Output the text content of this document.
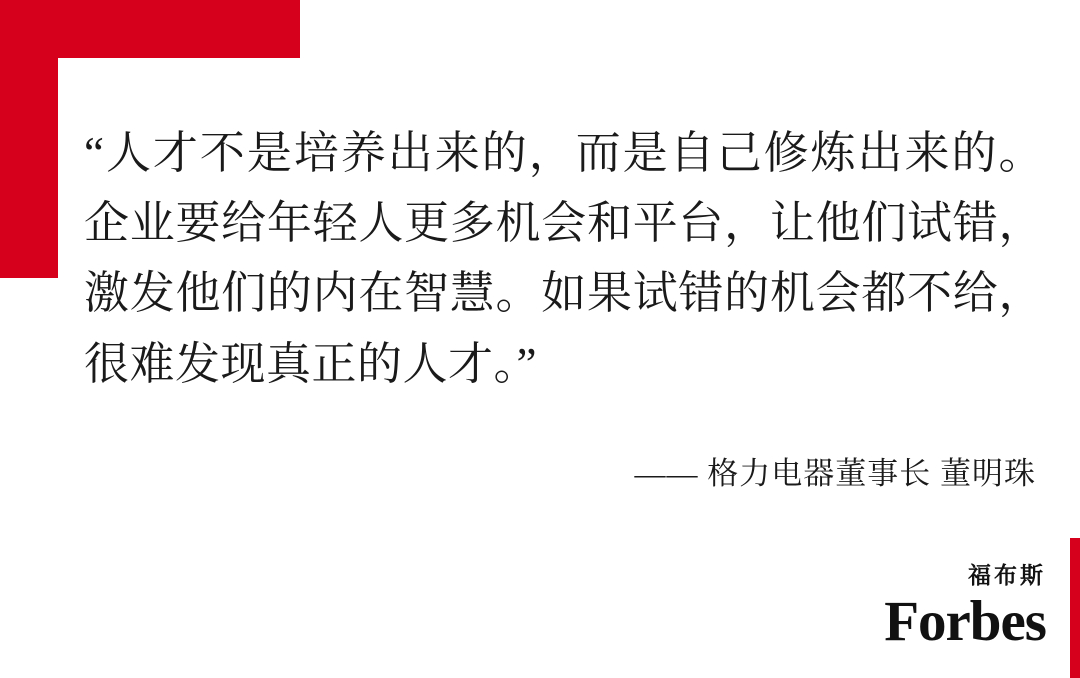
“人才不是培养出来的，而是自己修炼出来的。企业要给年轻人更多机会和平台，让他们试错，激发他们的内在智慧。如果试错的机会都不给，很难发现真正的人才。”
—— 格力电器董事长 董明珠
福布斯
Forbes
